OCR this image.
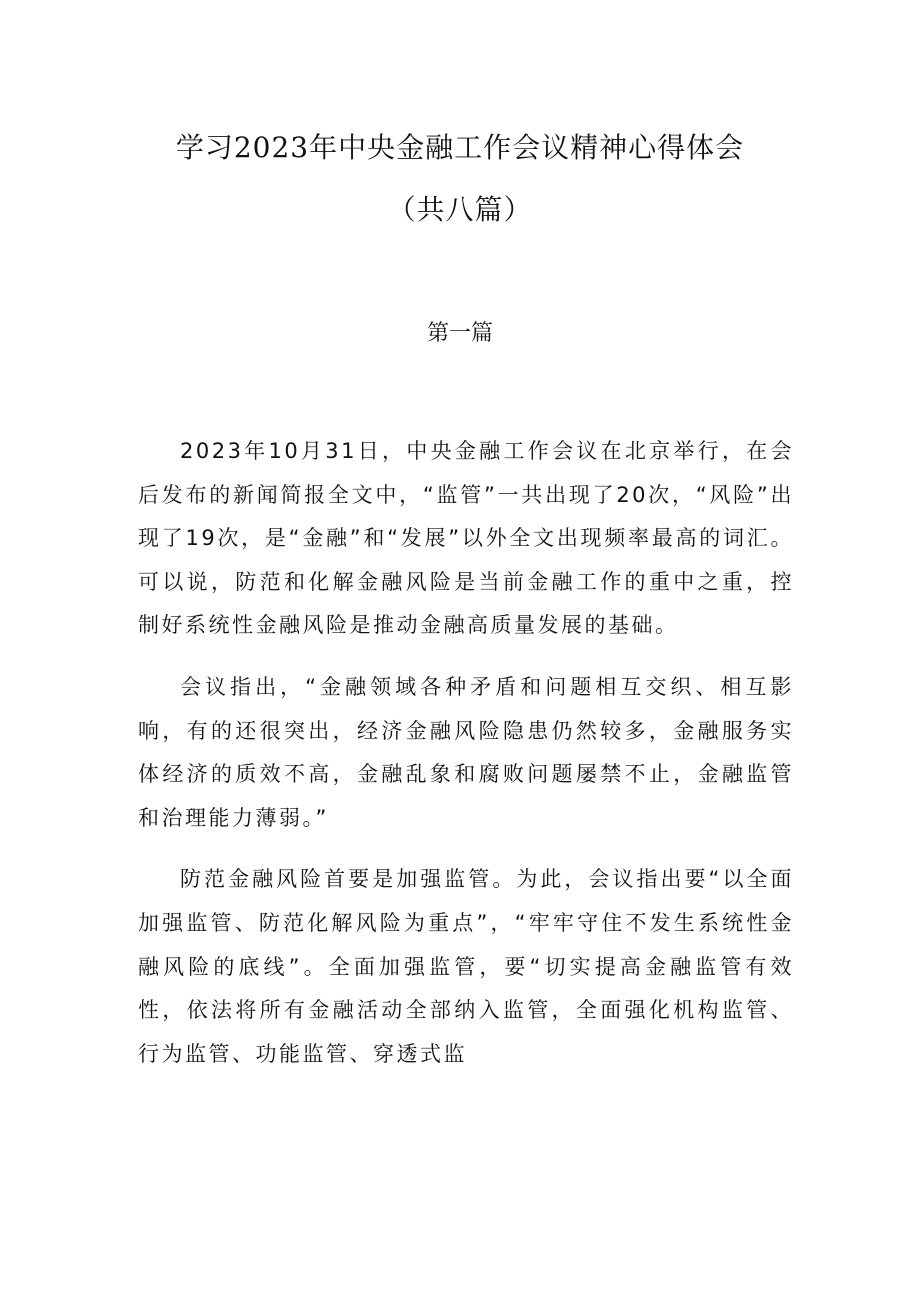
学习2023年中央金融工作会议精神心得体会
（共八篇）
第一篇

2023年10月31日，中央金融工作会议在北京举行，在会后发布的新闻简报全文中，“监管”一共出现了20次，“风险”出现了19次，是“金融”和“发展”以外全文出现频率最高的词汇。可以说，防范和化解金融风险是当前金融工作的重中之重，控制好系统性金融风险是推动金融高质量发展的基础。

会议指出，“金融领域各种矛盾和问题相互交织、相互影响，有的还很突出，经济金融风险隐患仍然较多，金融服务实体经济的质效不高，金融乱象和腐败问题屡禁不止，金融监管和治理能力薄弱。”

防范金融风险首要是加强监管。为此，会议指出要“以全面加强监管、防范化解风险为重点”，“牢牢守住不发生系统性金融风险的底线”。全面加强监管，要“切实提高金融监管有效性，依法将所有金融活动全部纳入监管，全面强化机构监管、行为监管、功能监管、穿透式监
